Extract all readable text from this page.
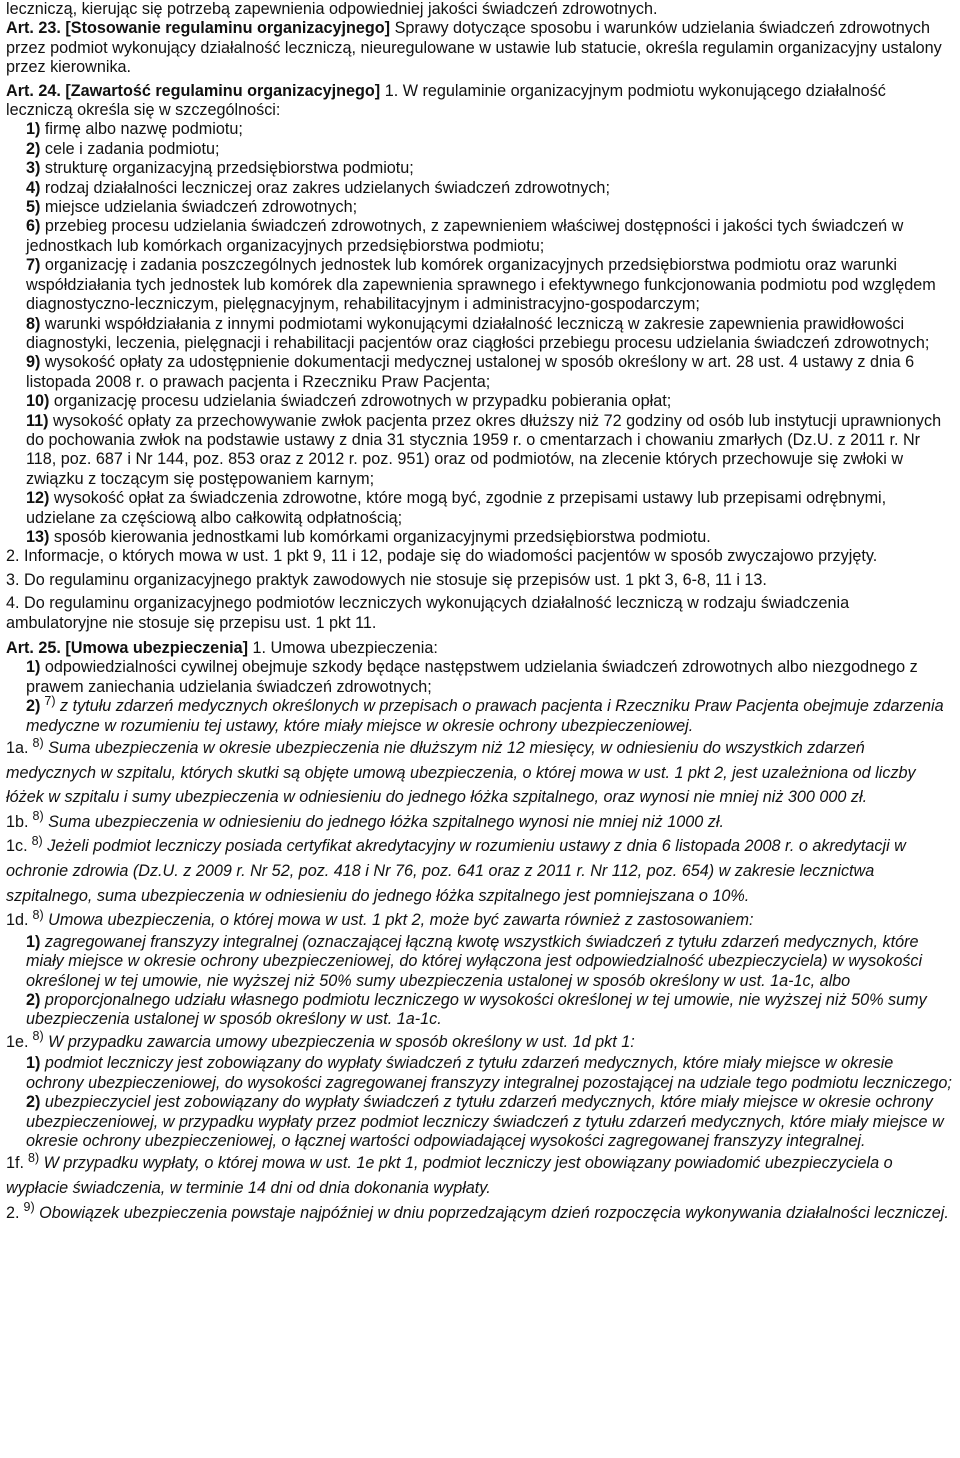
leczniczą, kierując się potrzebą zapewnienia odpowiedniej jakości świadczeń zdrowotnych.

Art. 23. [Stosowanie regulaminu organizacyjnego] Sprawy dotyczące sposobu i warunków udzielania świadczeń zdrowotnych przez podmiot wykonujący działalność leczniczą, nieuregulowane w ustawie lub statucie, określa regulamin organizacyjny ustalony przez kierownika.

Art. 24. [Zawartość regulaminu organizacyjnego] 1. W regulaminie organizacyjnym podmiotu wykonującego działalność leczniczą określa się w szczególności:

1) firmę albo nazwę podmiotu;

2) cele i zadania podmiotu;

3) strukturę organizacyjną przedsiębiorstwa podmiotu;

4) rodzaj działalności leczniczej oraz zakres udzielanych świadczeń zdrowotnych;

5) miejsce udzielania świadczeń zdrowotnych;

6) przebieg procesu udzielania świadczeń zdrowotnych, z zapewnieniem właściwej dostępności i jakości tych świadczeń w jednostkach lub komórkach organizacyjnych przedsiębiorstwa podmiotu;

7) organizację i zadania poszczególnych jednostek lub komórek organizacyjnych przedsiębiorstwa podmiotu oraz warunki współdziałania tych jednostek lub komórek dla zapewnienia sprawnego i efektywnego funkcjonowania podmiotu pod względem diagnostyczno-leczniczym, pielęgnacyjnym, rehabilitacyjnym i administracyjno-gospodarczym;

8) warunki współdziałania z innymi podmiotami wykonującymi działalność leczniczą w zakresie zapewnienia prawidłowości diagnostyki, leczenia, pielęgnacji i rehabilitacji pacjentów oraz ciągłości przebiegu procesu udzielania świadczeń zdrowotnych;

9) wysokość opłaty za udostępnienie dokumentacji medycznej ustalonej w sposób określony w art. 28 ust. 4 ustawy z dnia 6 listopada 2008 r. o prawach pacjenta i Rzeczniku Praw Pacjenta;

10) organizację procesu udzielania świadczeń zdrowotnych w przypadku pobierania opłat;

11) wysokość opłaty za przechowywanie zwłok pacjenta przez okres dłuższy niż 72 godziny od osób lub instytucji uprawnionych do pochowania zwłok na podstawie ustawy z dnia 31 stycznia 1959 r. o cmentarzach i chowaniu zmarłych (Dz.U. z 2011 r. Nr 118, poz. 687 i Nr 144, poz. 853 oraz z 2012 r. poz. 951) oraz od podmiotów, na zlecenie których przechowuje się zwłoki w związku z toczącym się postępowaniem karnym;

12) wysokość opłat za świadczenia zdrowotne, które mogą być, zgodnie z przepisami ustawy lub przepisami odrębnymi, udzielane za częściową albo całkowitą odpłatnością;

13) sposób kierowania jednostkami lub komórkami organizacyjnymi przedsiębiorstwa podmiotu.

2. Informacje, o których mowa w ust. 1 pkt 9, 11 i 12, podaje się do wiadomości pacjentów w sposób zwyczajowo przyjęty.

3. Do regulaminu organizacyjnego praktyk zawodowych nie stosuje się przepisów ust. 1 pkt 3, 6-8, 11 i 13.

4. Do regulaminu organizacyjnego podmiotów leczniczych wykonujących działalność leczniczą w rodzaju świadczenia ambulatoryjne nie stosuje się przepisu ust. 1 pkt 11.

Art. 25. [Umowa ubezpieczenia] 1. Umowa ubezpieczenia:

1) odpowiedzialności cywilnej obejmuje szkody będące następstwem udzielania świadczeń zdrowotnych albo niezgodnego z prawem zaniechania udzielania świadczeń zdrowotnych;

2) 7) z tytułu zdarzeń medycznych określonych w przepisach o prawach pacjenta i Rzeczniku Praw Pacjenta obejmuje zdarzenia medyczne w rozumieniu tej ustawy, które miały miejsce w okresie ochrony ubezpieczeniowej.

1a. 8) Suma ubezpieczenia w okresie ubezpieczenia nie dłuższym niż 12 miesięcy, w odniesieniu do wszystkich zdarzeń medycznych w szpitalu, których skutki są objęte umową ubezpieczenia, o której mowa w ust. 1 pkt 2, jest uzależniona od liczby łóżek w szpitalu i sumy ubezpieczenia w odniesieniu do jednego łóżka szpitalnego, oraz wynosi nie mniej niż 300 000 zł.

1b. 8) Suma ubezpieczenia w odniesieniu do jednego łóżka szpitalnego wynosi nie mniej niż 1000 zł.

1c. 8) Jeżeli podmiot leczniczy posiada certyfikat akredytacyjny w rozumieniu ustawy z dnia 6 listopada 2008 r. o akredytacji w ochronie zdrowia (Dz.U. z 2009 r. Nr 52, poz. 418 i Nr 76, poz. 641 oraz z 2011 r. Nr 112, poz. 654) w zakresie lecznictwa szpitalnego, suma ubezpieczenia w odniesieniu do jednego łóżka szpitalnego jest pomniejszana o 10%.

1d. 8) Umowa ubezpieczenia, o której mowa w ust. 1 pkt 2, może być zawarta również z zastosowaniem:

1) zagregowanej franszyzy integralnej (oznaczającej łączną kwotę wszystkich świadczeń z tytułu zdarzeń medycznych, które miały miejsce w okresie ochrony ubezpieczeniowej, do której wyłączona jest odpowiedzialność ubezpieczyciela) w wysokości określonej w tej umowie, nie wyższej niż 50% sumy ubezpieczenia ustalonej w sposób określony w ust. 1a-1c, albo

2) proporcjonalnego udziału własnego podmiotu leczniczego w wysokości określonej w tej umowie, nie wyższej niż 50% sumy ubezpieczenia ustalonej w sposób określony w ust. 1a-1c.

1e. 8) W przypadku zawarcia umowy ubezpieczenia w sposób określony w ust. 1d pkt 1:

1) podmiot leczniczy jest zobowiązany do wypłaty świadczeń z tytułu zdarzeń medycznych, które miały miejsce w okresie ochrony ubezpieczeniowej, do wysokości zagregowanej franszyzy integralnej pozostającej na udziale tego podmiotu leczniczego;

2) ubezpieczyciel jest zobowiązany do wypłaty świadczeń z tytułu zdarzeń medycznych, które miały miejsce w okresie ochrony ubezpieczeniowej, w przypadku wypłaty przez podmiot leczniczy świadczeń z tytułu zdarzeń medycznych, które miały miejsce w okresie ochrony ubezpieczeniowej, o łącznej wartości odpowiadającej wysokości zagregowanej franszyzy integralnej.

1f. 8) W przypadku wypłaty, o której mowa w ust. 1e pkt 1, podmiot leczniczy jest obowiązany powiadomić ubezpieczyciela o wypłacie świadczenia, w terminie 14 dni od dnia dokonania wypłaty.

2. 9) Obowiązek ubezpieczenia powstaje najpóźniej w dniu poprzedzającym dzień rozpoczęcia wykonywania działalności leczniczej.
